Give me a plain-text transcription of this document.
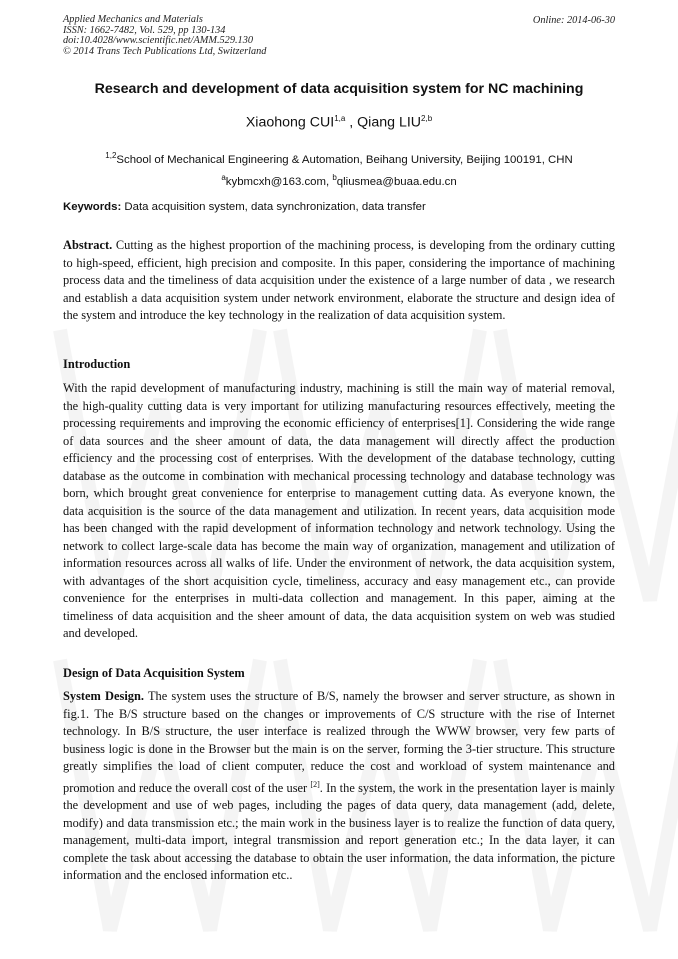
Applied Mechanics and Materials
ISSN: 1662-7482, Vol. 529, pp 130-134
doi:10.4028/www.scientific.net/AMM.529.130
© 2014 Trans Tech Publications Ltd, Switzerland
Online: 2014-06-30
Research and development of data acquisition system for NC machining
Xiaohong CUI$^{1,a}$ , Qiang LIU$^{2,b}$
$^{1,2}$School of Mechanical Engineering & Automation, Beihang University, Beijing 100191, CHN
$^a$kybmcxh@163.com, $^b$qliusmea@buaa.edu.cn
Keywords: Data acquisition system, data synchronization, data transfer
Abstract. Cutting as the highest proportion of the machining process, is developing from the ordinary cutting to high-speed, efficient, high precision and composite. In this paper, considering the importance of machining process data and the timeliness of data acquisition under the existence of a large number of data , we research and establish a data acquisition system under network environment, elaborate the structure and design idea of the system and introduce the key technology in the realization of data acquisition system.
Introduction
With the rapid development of manufacturing industry, machining is still the main way of material removal, the high-quality cutting data is very important for utilizing manufacturing resources effectively, meeting the processing requirements and improving the economic efficiency of enterprises[1]. Considering the wide range of data sources and the sheer amount of data, the data management will directly affect the production efficiency and the processing cost of enterprises. With the development of the database technology, cutting database as the outcome in combination with mechanical processing technology and database technology was born, which brought great convenience for enterprise to management cutting data. As everyone known, the data acquisition is the source of the data management and utilization. In recent years, data acquisition mode has been changed with the rapid development of information technology and network technology. Using the network to collect large-scale data has become the main way of organization, management and utilization of information resources across all walks of life. Under the environment of network, the data acquisition system, with advantages of the short acquisition cycle, timeliness, accuracy and easy management etc., can provide convenience for the enterprises in multi-data collection and management. In this paper, aiming at the timeliness of data acquisition and the sheer amount of data, the data acquisition system on web was studied and developed.
Design of Data Acquisition System
System Design. The system uses the structure of B/S, namely the browser and server structure, as shown in fig.1. The B/S structure based on the changes or improvements of C/S structure with the rise of Internet technology. In B/S structure, the user interface is realized through the WWW browser, very few parts of business logic is done in the Browser but the main is on the server, forming the 3-tier structure. This structure greatly simplifies the load of client computer, reduce the cost and workload of system maintenance and promotion and reduce the overall cost of the user [2]. In the system, the work in the presentation layer is mainly the development and use of web pages, including the pages of data query, data management (add, delete, modify) and data transmission etc.; the main work in the business layer is to realize the function of data query, management, multi-data import, integral transmission and report generation etc.; In the data layer, it can complete the task about accessing the database to obtain the user information, the data information, the picture information and the enclosed information etc..
